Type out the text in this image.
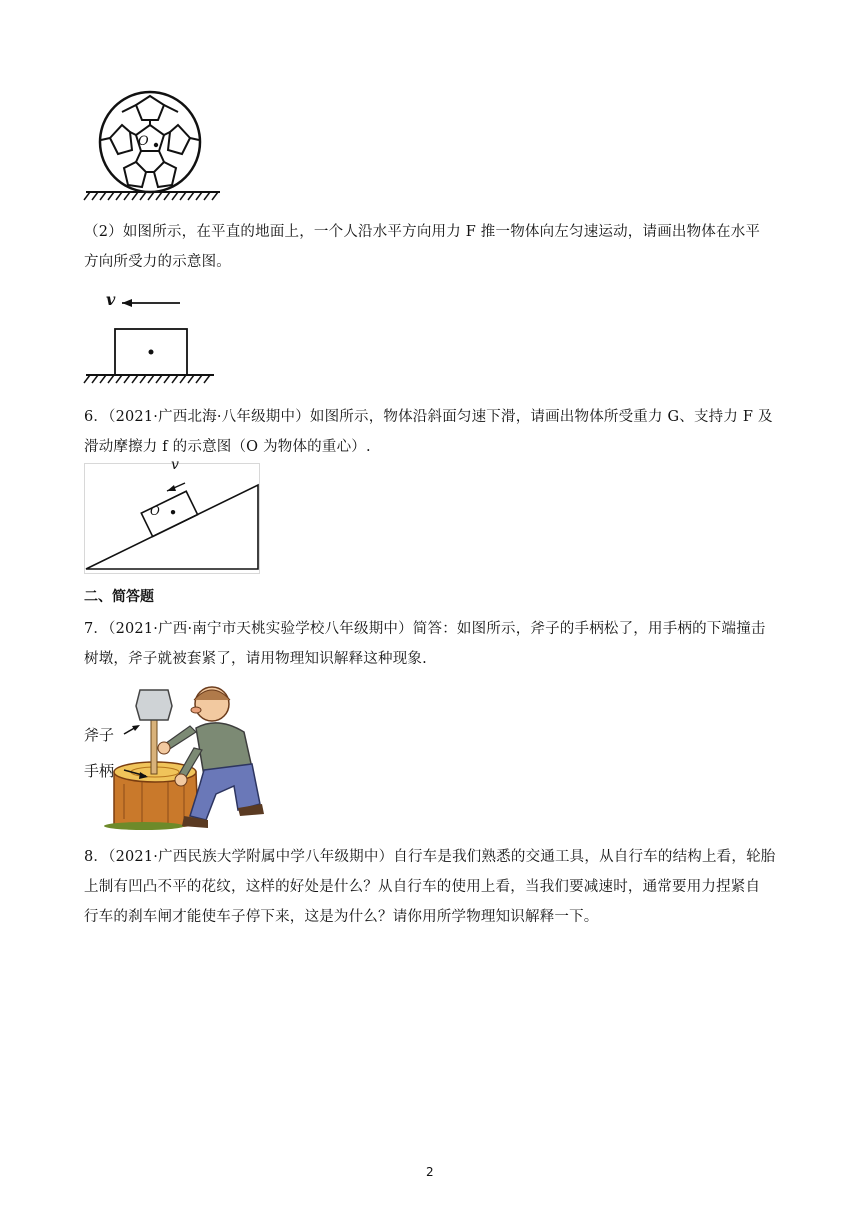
O
（2）如图所示，在平直的地面上，一个人沿水平方向用力 F 推一物体向左匀速运动，请画出物体在水平
方向所受力的示意图。
v
6．（2021·广西北海·八年级期中）如图所示，物体沿斜面匀速下滑，请画出物体所受重力 G、支持力 F 及
滑动摩擦力 f 的示意图（O 为物体的重心）.
v
O
二、简答题
7．（2021·广西·南宁市天桃实验学校八年级期中）简答：如图所示，斧子的手柄松了，用手柄的下端撞击
树墩，斧子就被套紧了，请用物理知识解释这种现象.
斧子
手柄
8．（2021·广西民族大学附属中学八年级期中）自行车是我们熟悉的交通工具，从自行车的结构上看，轮胎
上制有凹凸不平的花纹，这样的好处是什么？从自行车的使用上看，当我们要减速时，通常要用力捏紧自
行车的刹车闸才能使车子停下来，这是为什么？请你用所学物理知识解释一下。
2
